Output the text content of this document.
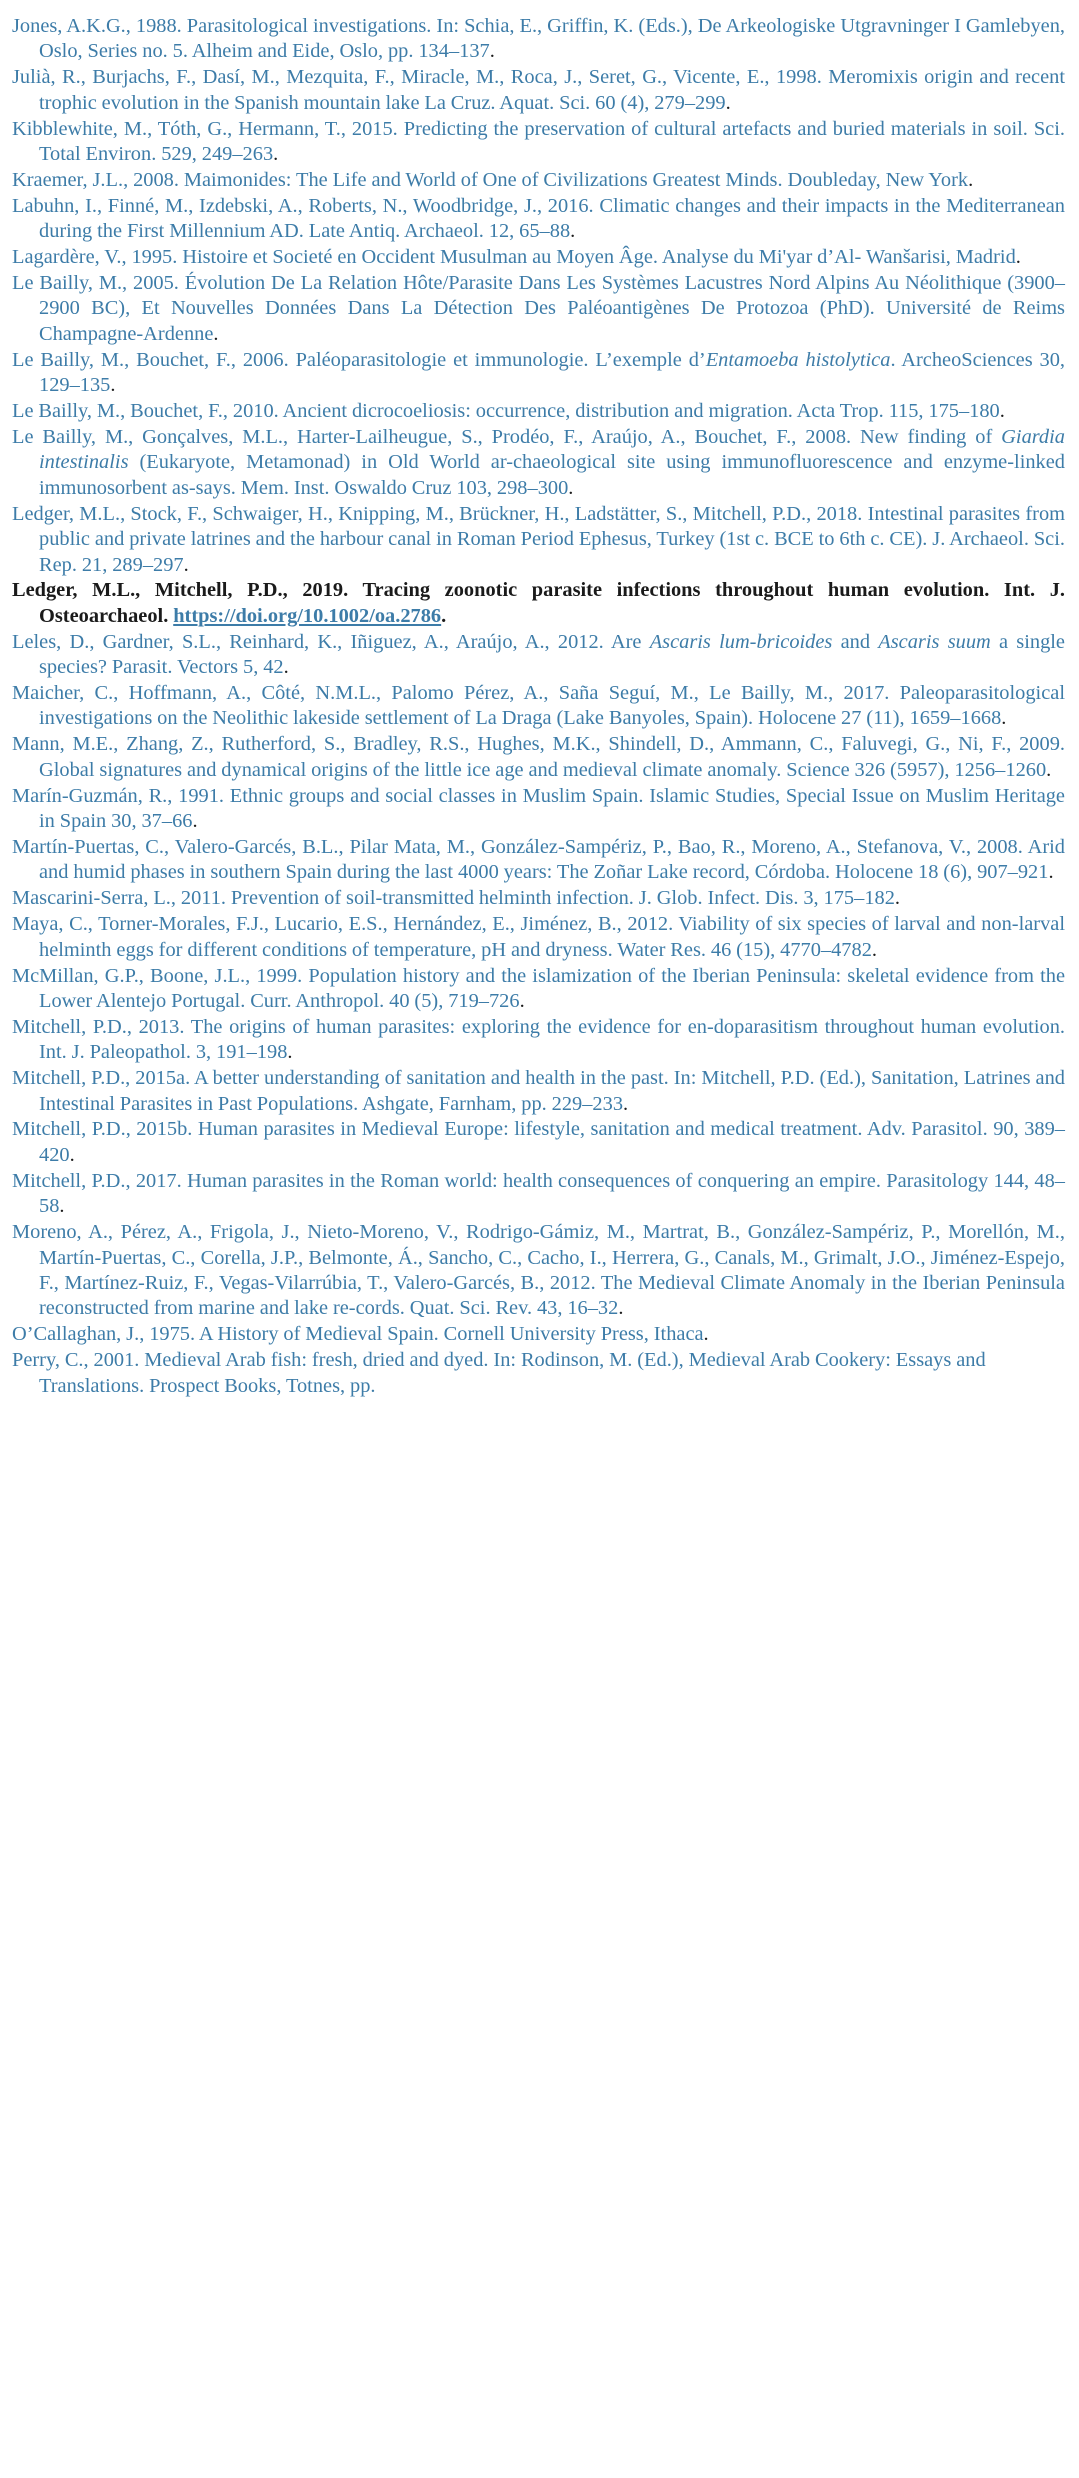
Jones, A.K.G., 1988. Parasitological investigations. In: Schia, E., Griffin, K. (Eds.), De Arkeologiske Utgravninger I Gamlebyen, Oslo, Series no. 5. Alheim and Eide, Oslo, pp. 134–137.

Julià, R., Burjachs, F., Dasí, M., Mezquita, F., Miracle, M., Roca, J., Seret, G., Vicente, E., 1998. Meromixis origin and recent trophic evolution in the Spanish mountain lake La Cruz. Aquat. Sci. 60 (4), 279–299.

Kibblewhite, M., Tóth, G., Hermann, T., 2015. Predicting the preservation of cultural artefacts and buried materials in soil. Sci. Total Environ. 529, 249–263.

Kraemer, J.L., 2008. Maimonides: The Life and World of One of Civilizations Greatest Minds. Doubleday, New York.

Labuhn, I., Finné, M., Izdebski, A., Roberts, N., Woodbridge, J., 2016. Climatic changes and their impacts in the Mediterranean during the First Millennium AD. Late Antiq. Archaeol. 12, 65–88.

Lagardère, V., 1995. Histoire et Societé en Occident Musulman au Moyen Âge. Analyse du Mi'yar d’Al- Wanšarisi, Madrid.

Le Bailly, M., 2005. Évolution De La Relation Hôte/Parasite Dans Les Systèmes Lacustres Nord Alpins Au Néolithique (3900–2900 BC), Et Nouvelles Données Dans La Détection Des Paléoantigènes De Protozoa (PhD). Université de Reims Champagne-Ardenne.

Le Bailly, M., Bouchet, F., 2006. Paléoparasitologie et immunologie. L’exemple d’Entamoeba histolytica. ArcheoSciences 30, 129–135.

Le Bailly, M., Bouchet, F., 2010. Ancient dicrocoeliosis: occurrence, distribution and migration. Acta Trop. 115, 175–180.

Le Bailly, M., Gonçalves, M.L., Harter-Lailheugue, S., Prodéo, F., Araújo, A., Bouchet, F., 2008. New finding of Giardia intestinalis (Eukaryote, Metamonad) in Old World ar-chaeological site using immunofluorescence and enzyme-linked immunosorbent as-says. Mem. Inst. Oswaldo Cruz 103, 298–300.

Ledger, M.L., Stock, F., Schwaiger, H., Knipping, M., Brückner, H., Ladstätter, S., Mitchell, P.D., 2018. Intestinal parasites from public and private latrines and the harbour canal in Roman Period Ephesus, Turkey (1st c. BCE to 6th c. CE). J. Archaeol. Sci. Rep. 21, 289–297.

Ledger, M.L., Mitchell, P.D., 2019. Tracing zoonotic parasite infections throughout human evolution. Int. J. Osteoarchaeol. https://doi.org/10.1002/oa.2786.

Leles, D., Gardner, S.L., Reinhard, K., Iñiguez, A., Araújo, A., 2012. Are Ascaris lum-bricoides and Ascaris suum a single species? Parasit. Vectors 5, 42.

Maicher, C., Hoffmann, A., Côté, N.M.L., Palomo Pérez, A., Saña Seguí, M., Le Bailly, M., 2017. Paleoparasitological investigations on the Neolithic lakeside settlement of La Draga (Lake Banyoles, Spain). Holocene 27 (11), 1659–1668.

Mann, M.E., Zhang, Z., Rutherford, S., Bradley, R.S., Hughes, M.K., Shindell, D., Ammann, C., Faluvegi, G., Ni, F., 2009. Global signatures and dynamical origins of the little ice age and medieval climate anomaly. Science 326 (5957), 1256–1260.

Marín-Guzmán, R., 1991. Ethnic groups and social classes in Muslim Spain. Islamic Studies, Special Issue on Muslim Heritage in Spain 30, 37–66.

Martín-Puertas, C., Valero-Garcés, B.L., Pilar Mata, M., González-Sampériz, P., Bao, R., Moreno, A., Stefanova, V., 2008. Arid and humid phases in southern Spain during the last 4000 years: The Zoñar Lake record, Córdoba. Holocene 18 (6), 907–921.

Mascarini-Serra, L., 2011. Prevention of soil-transmitted helminth infection. J. Glob. Infect. Dis. 3, 175–182.

Maya, C., Torner-Morales, F.J., Lucario, E.S., Hernández, E., Jiménez, B., 2012. Viability of six species of larval and non-larval helminth eggs for different conditions of temperature, pH and dryness. Water Res. 46 (15), 4770–4782.

McMillan, G.P., Boone, J.L., 1999. Population history and the islamization of the Iberian Peninsula: skeletal evidence from the Lower Alentejo Portugal. Curr. Anthropol. 40 (5), 719–726.

Mitchell, P.D., 2013. The origins of human parasites: exploring the evidence for en-doparasitism throughout human evolution. Int. J. Paleopathol. 3, 191–198.

Mitchell, P.D., 2015a. A better understanding of sanitation and health in the past. In: Mitchell, P.D. (Ed.), Sanitation, Latrines and Intestinal Parasites in Past Populations. Ashgate, Farnham, pp. 229–233.

Mitchell, P.D., 2015b. Human parasites in Medieval Europe: lifestyle, sanitation and medical treatment. Adv. Parasitol. 90, 389–420.

Mitchell, P.D., 2017. Human parasites in the Roman world: health consequences of conquering an empire. Parasitology 144, 48–58.

Moreno, A., Pérez, A., Frigola, J., Nieto-Moreno, V., Rodrigo-Gámiz, M., Martrat, B., González-Sampériz, P., Morellón, M., Martín-Puertas, C., Corella, J.P., Belmonte, Á., Sancho, C., Cacho, I., Herrera, G., Canals, M., Grimalt, J.O., Jiménez-Espejo, F., Martínez-Ruiz, F., Vegas-Vilarrúbia, T., Valero-Garcés, B., 2012. The Medieval Climate Anomaly in the Iberian Peninsula reconstructed from marine and lake re-cords. Quat. Sci. Rev. 43, 16–32.

O’Callaghan, J., 1975. A History of Medieval Spain. Cornell University Press, Ithaca.

Perry, C., 2001. Medieval Arab fish: fresh, dried and dyed. In: Rodinson, M. (Ed.), Medieval Arab Cookery: Essays and Translations. Prospect Books, Totnes, pp.
